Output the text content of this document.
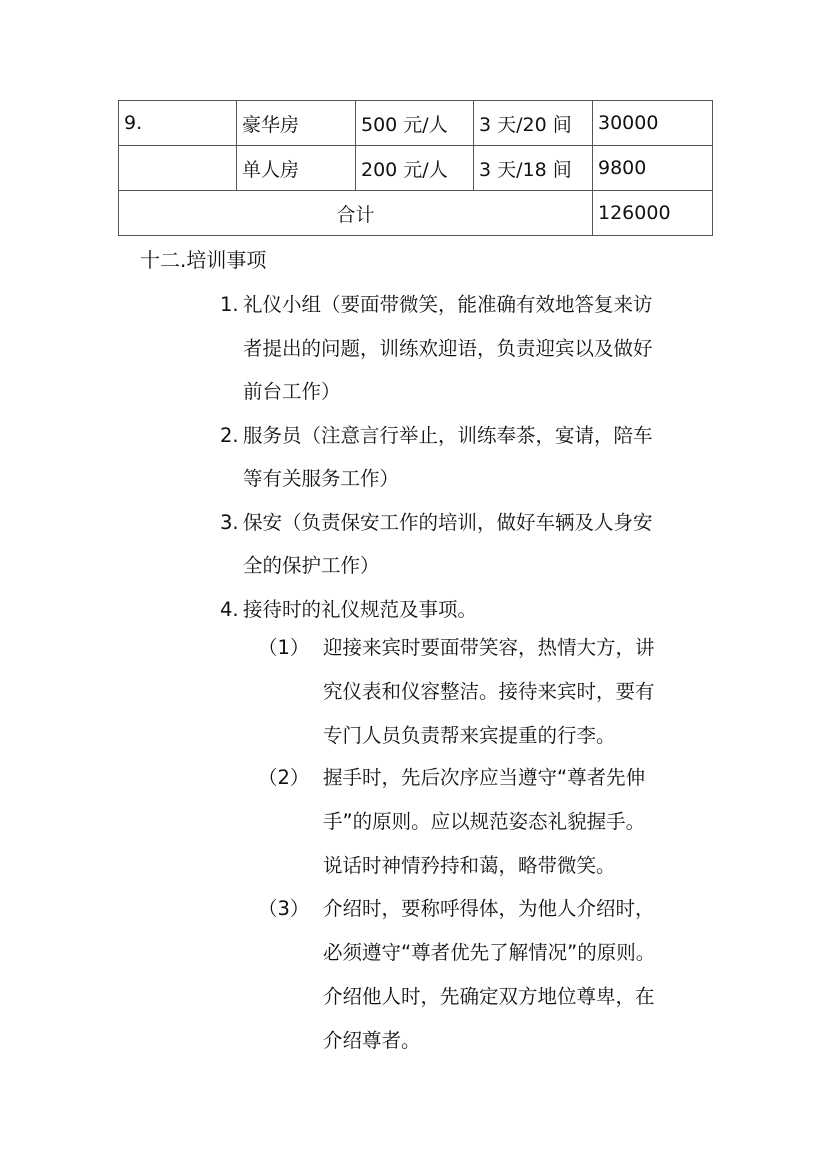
9.	豪华房	500 元/人	3 天/20 间	30000
	单人房	200 元/人	3 天/18 间	9800
合计				126000
十二.培训事项
1. 礼仪小组（要面带微笑，能准确有效地答复来访
者提出的问题，训练欢迎语，负责迎宾以及做好
前台工作）
2. 服务员（注意言行举止，训练奉茶，宴请，陪车
等有关服务工作）
3. 保安（负责保安工作的培训，做好车辆及人身安
全的保护工作）
4. 接待时的礼仪规范及事项。
（1） 迎接来宾时要面带笑容，热情大方，讲
究仪表和仪容整洁。接待来宾时，要有
专门人员负责帮来宾提重的行李。
（2） 握手时，先后次序应当遵守“尊者先伸
手”的原则。应以规范姿态礼貌握手。
说话时神情矜持和蔼，略带微笑。
（3） 介绍时，要称呼得体，为他人介绍时，
必须遵守“尊者优先了解情况”的原则。
介绍他人时，先确定双方地位尊卑，在
介绍尊者。
